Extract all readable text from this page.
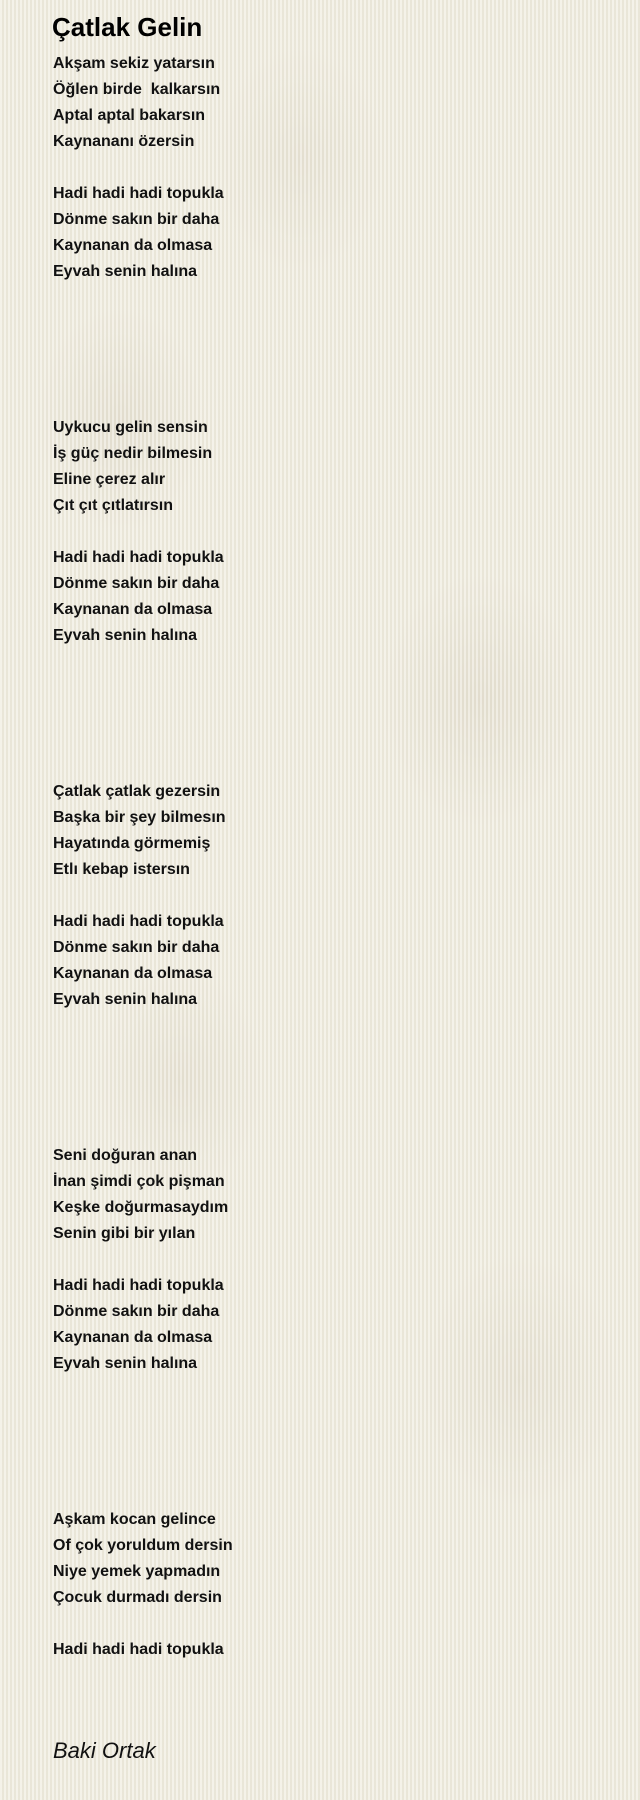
Çatlak Gelin
Akşam sekiz yatarsın
Öğlen birde  kalkarsın
Aptal aptal bakarsın
Kaynananı özersin
Hadi hadi hadi topukla
Dönme sakın bir daha
Kaynanan da olmasa
Eyvah senin halına
Uykucu gelin sensin
İş güç nedir bilmesin
Eline çerez alır
Çıt çıt çıtlatırsın
Hadi hadi hadi topukla
Dönme sakın bir daha
Kaynanan da olmasa
Eyvah senin halına
Çatlak çatlak gezersin
Başka bir şey bilmesın
Hayatında görmemiş
Etlı kebap istersın
Hadi hadi hadi topukla
Dönme sakın bir daha
Kaynanan da olmasa
Eyvah senin halına
Seni doğuran anan
İnan şimdi çok pişman
Keşke doğurmasaydım
Senin gibi bir yılan
Hadi hadi hadi topukla
Dönme sakın bir daha
Kaynanan da olmasa
Eyvah senin halına
Aşkam kocan gelince
Of çok yoruldum dersin
Niye yemek yapmadın
Çocuk durmadı dersin
Hadi hadi hadi topukla
Baki Ortak
